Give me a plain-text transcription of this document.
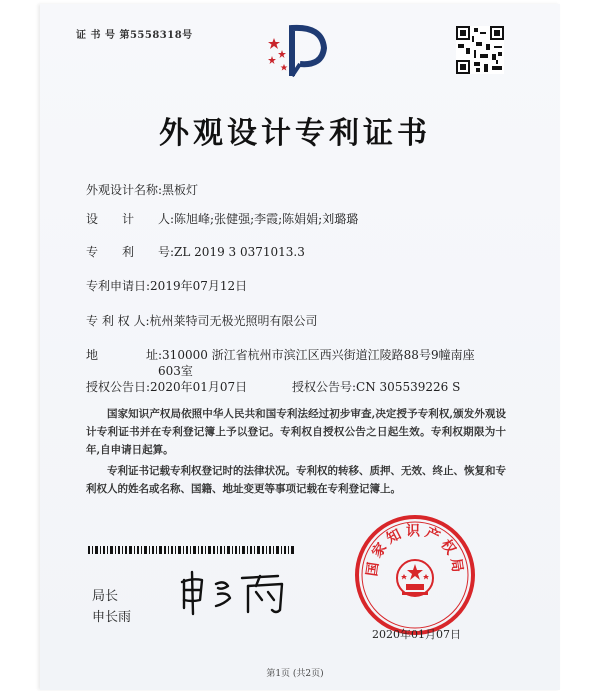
证 书 号 第5558318号
外观设计专利证书
外观设计名称:黑板灯
设　　计　　人:陈旭峰;张健强;李霞;陈娟娟;刘璐璐
专　　利　　号:ZL 2019 3 0371013.3
专利申请日:2019年07月12日
专 利 权 人:杭州莱特司无极光照明有限公司
地　　　　址:310000 浙江省杭州市滨江区西兴街道江陵路88号9幢南座
603室
授权公告日:2020年01月07日	授权公告号:CN 305539226 S

国家知识产权局依照中华人民共和国专利法经过初步审查,决定授予专利权,颁发外观设计专利证书并在专利登记簿上予以登记。专利权自授权公告之日起生效。专利权期限为十年,自申请日起算。

专利证书记载专利权登记时的法律状况。专利权的转移、质押、无效、终止、恢复和专利权人的姓名或名称、国籍、地址变更等事项记载在专利登记簿上。

局长
申长雨
国家知识产权局
2020年01月07日
第1页 (共2页)
